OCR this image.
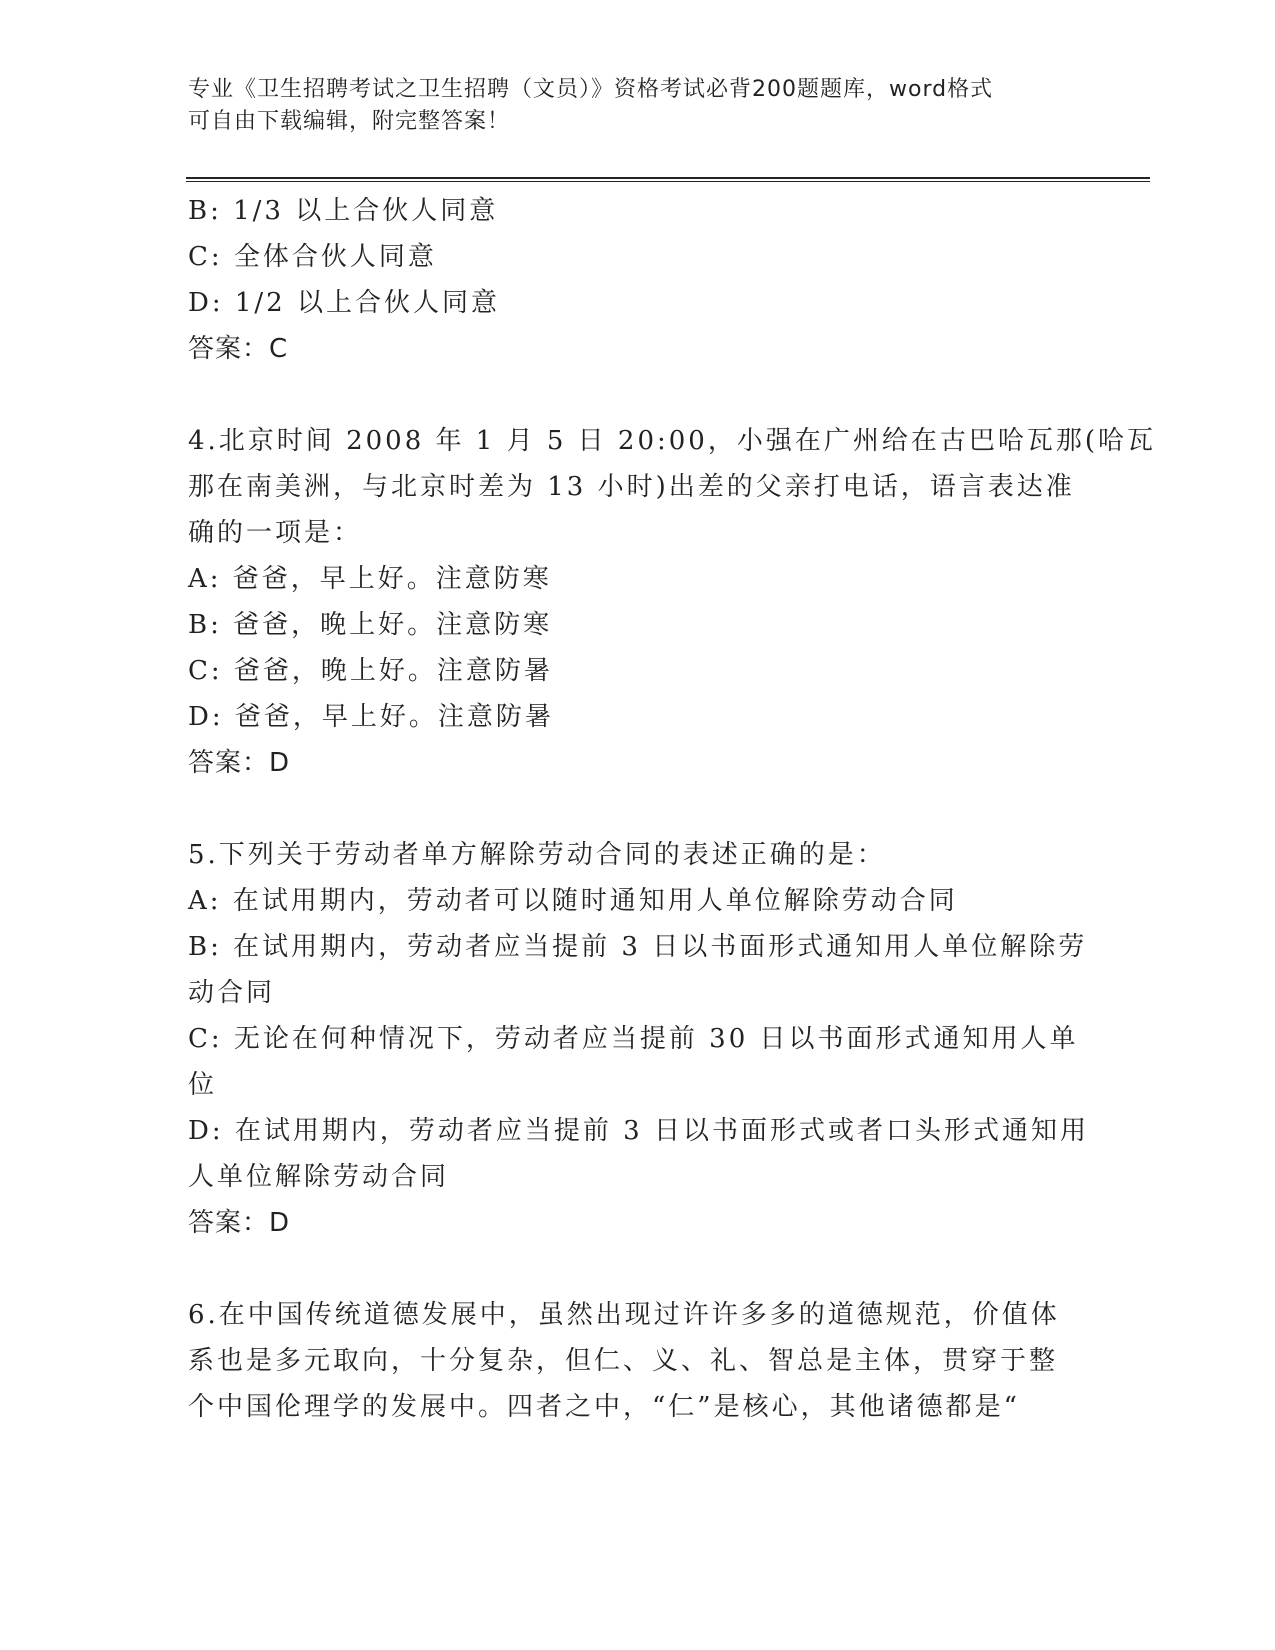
专业《卫生招聘考试之卫生招聘（文员）》资格考试必背200题题库，word格式
可自由下载编辑，附完整答案！
B: 1/3 以上合伙人同意
C: 全体合伙人同意
D: 1/2 以上合伙人同意
答案：C
4.北京时间 2008 年 1 月 5 日 20:00，小强在广州给在古巴哈瓦那(哈瓦
那在南美洲，与北京时差为 13 小时)出差的父亲打电话，语言表达准
确的一项是：
A: 爸爸，早上好。注意防寒
B: 爸爸，晚上好。注意防寒
C: 爸爸，晚上好。注意防暑
D: 爸爸，早上好。注意防暑
答案：D
5.下列关于劳动者单方解除劳动合同的表述正确的是：
A: 在试用期内，劳动者可以随时通知用人单位解除劳动合同
B: 在试用期内，劳动者应当提前 3 日以书面形式通知用人单位解除劳
动合同
C: 无论在何种情况下，劳动者应当提前 30 日以书面形式通知用人单
位
D: 在试用期内，劳动者应当提前 3 日以书面形式或者口头形式通知用
人单位解除劳动合同
答案：D
6.在中国传统道德发展中，虽然出现过许许多多的道德规范，价值体
系也是多元取向，十分复杂，但仁、义、礼、智总是主体，贯穿于整
个中国伦理学的发展中。四者之中，“仁”是核心，其他诸德都是“
